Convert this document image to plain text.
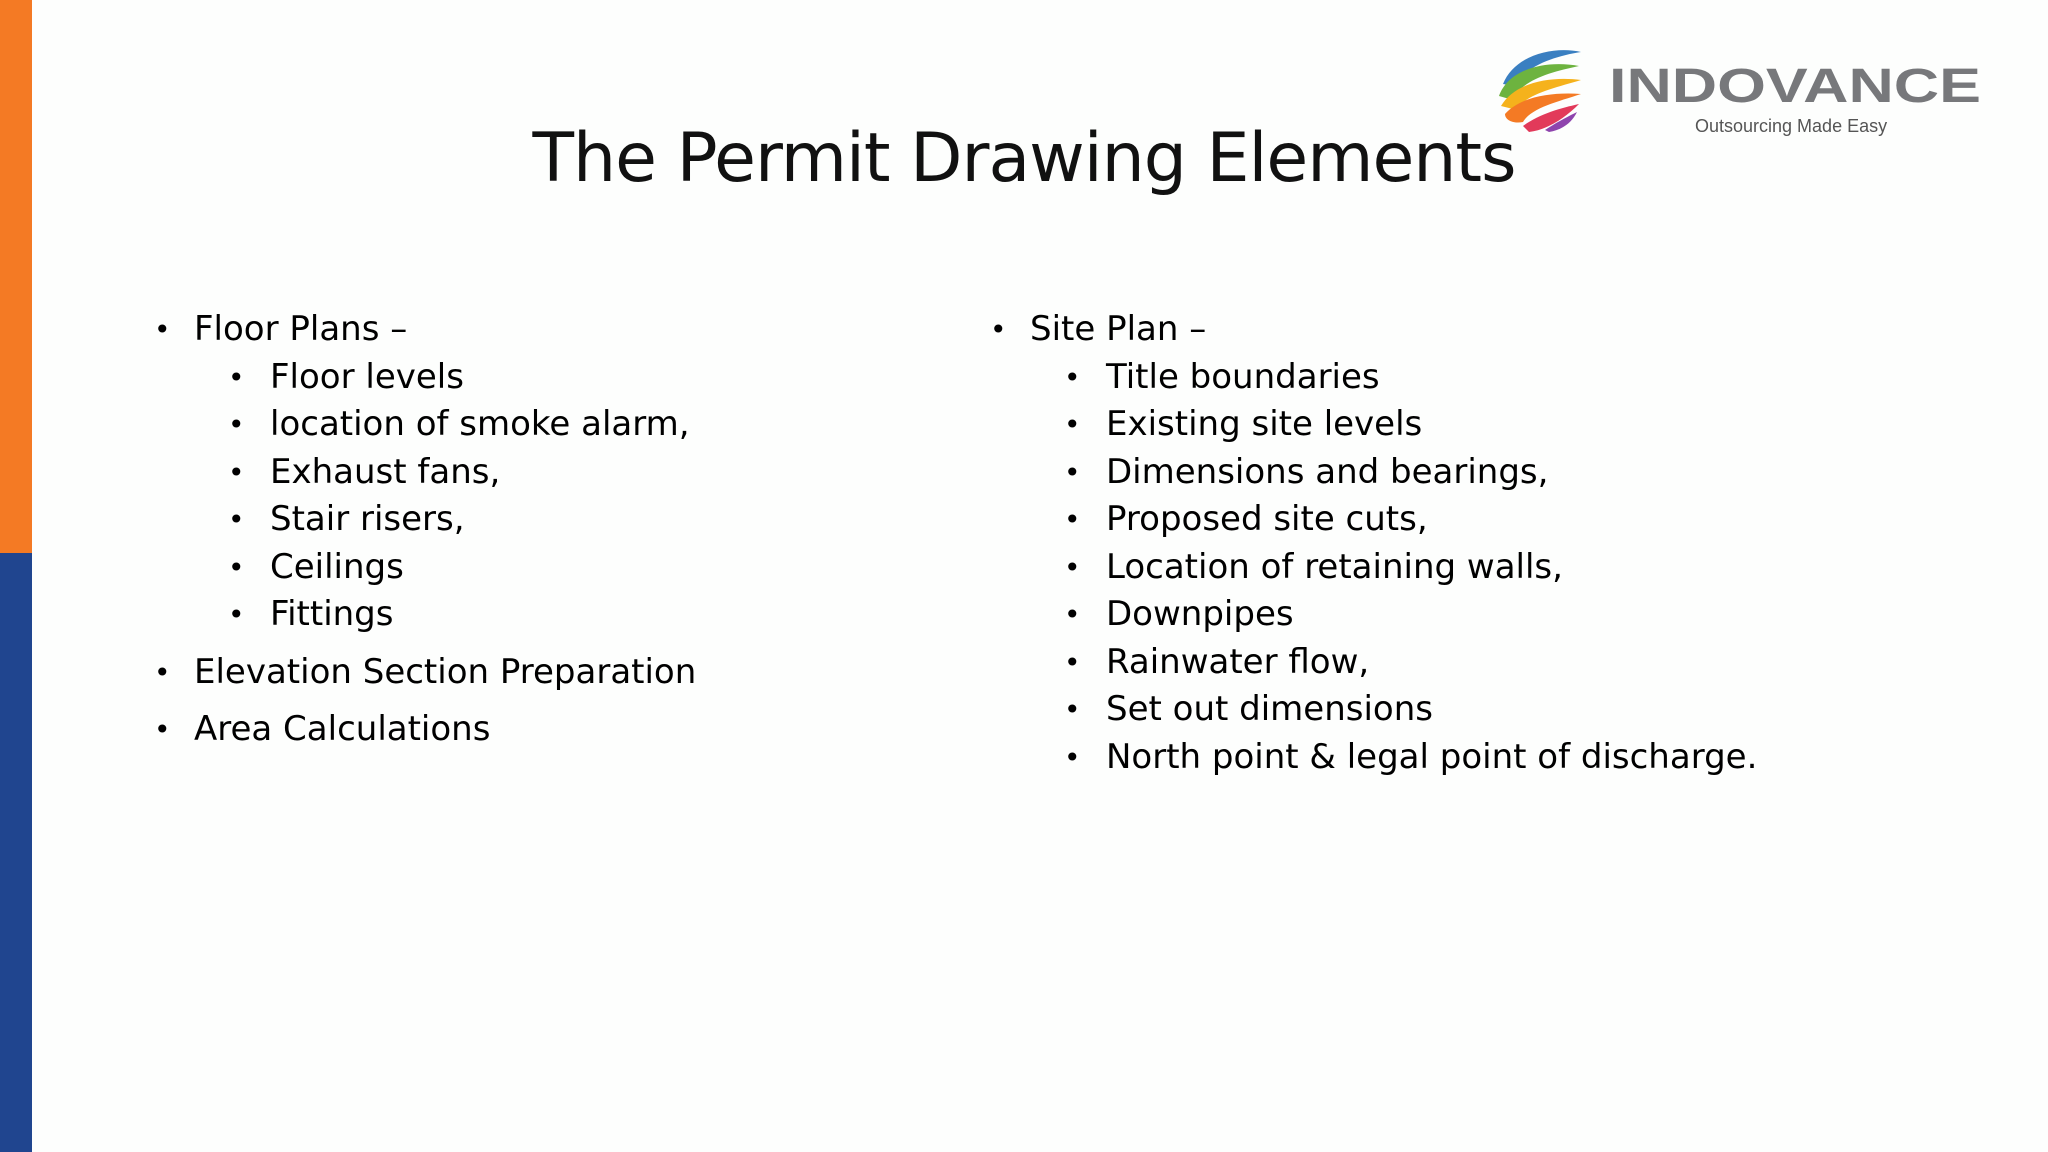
INDOVANCE
Outsourcing Made Easy
The Permit Drawing Elements
• Floor Plans –
• Floor levels
• location of smoke alarm,
• Exhaust fans,
• Stair risers,
• Ceilings
• Fittings
• Elevation Section Preparation
• Area Calculations
• Site Plan –
• Title boundaries
• Existing site levels
• Dimensions and bearings,
• Proposed site cuts,
• Location of retaining walls,
• Downpipes
• Rainwater flow,
• Set out dimensions
• North point & legal point of discharge.
